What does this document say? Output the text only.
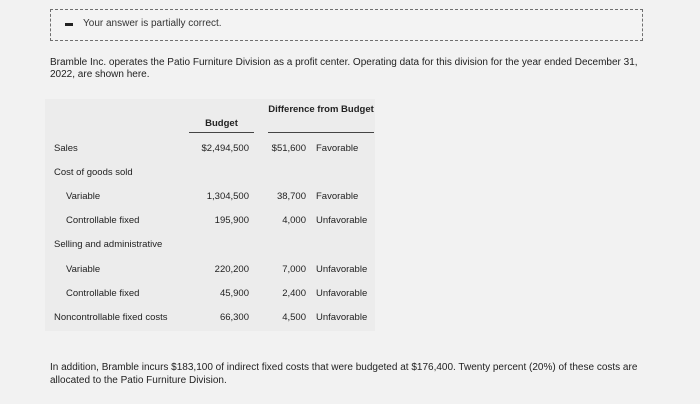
Your answer is partially correct.
Bramble Inc. operates the Patio Furniture Division as a profit center. Operating data for this division for the year ended December 31, 2022, are shown here.
Budget
Difference from Budget
Sales	$2,494,500 $51,600 Favorable
Cost of goods sold
Variable	1,304,500	38,700 Favorable
Controllable fixed	195,900	4,000 Unfavorable
Selling and administrative
Variable	220,200	7,000 Unfavorable
Controllable fixed	45,900	2,400 Unfavorable
Noncontrollable fixed costs	66,300	4,500 Unfavorable
In addition, Bramble incurs $183,100 of indirect fixed costs that were budgeted at $176,400. Twenty percent (20%) of these costs are allocated to the Patio Furniture Division.
